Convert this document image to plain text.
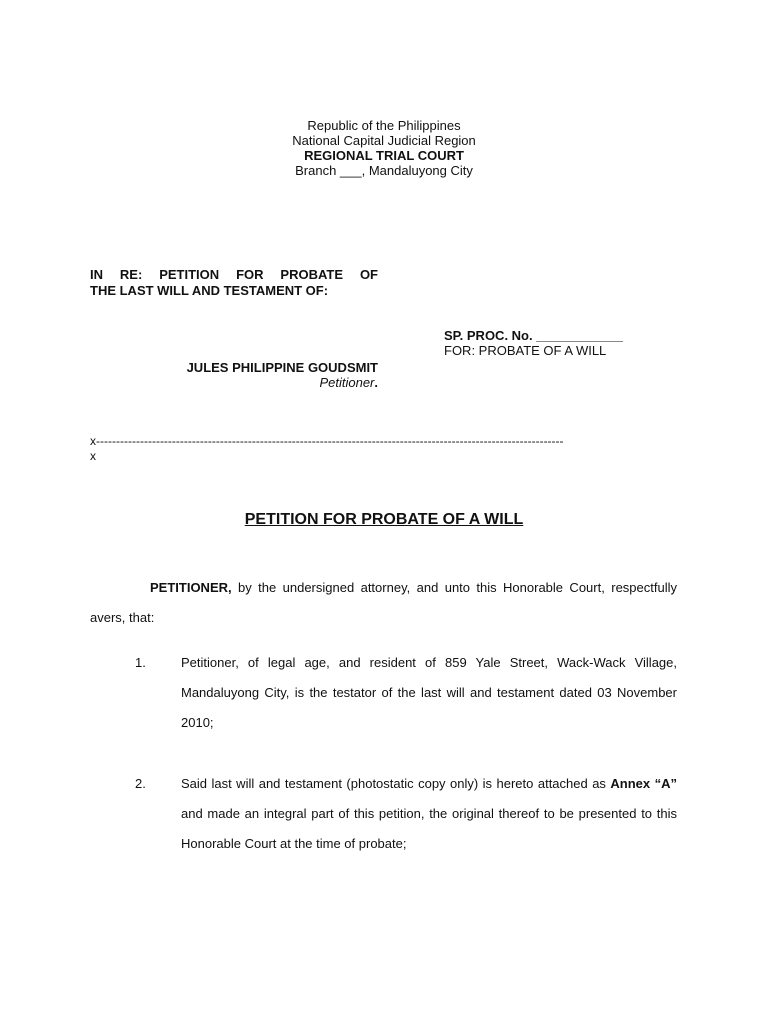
Republic of the Philippines
National Capital Judicial Region
REGIONAL TRIAL COURT
Branch ___, Mandaluyong City
IN RE: PETITION FOR PROBATE OF
THE LAST WILL AND TESTAMENT OF:
SP. PROC. No. ____________
FOR: PROBATE OF A WILL
JULES PHILIPPINE GOUDSMIT
Petitioner.
x---------------------------------------------------------------------------------------------------------------------
x
PETITION FOR PROBATE OF A WILL
PETITIONER, by the undersigned attorney, and unto this Honorable Court, respectfully avers, that:
1.	Petitioner, of legal age, and resident of 859 Yale Street, Wack-Wack Village, Mandaluyong City, is the testator of the last will and testament dated 03 November 2010;
2.	Said last will and testament (photostatic copy only) is hereto attached as Annex “A” and made an integral part of this petition, the original thereof to be presented to this Honorable Court at the time of probate;
